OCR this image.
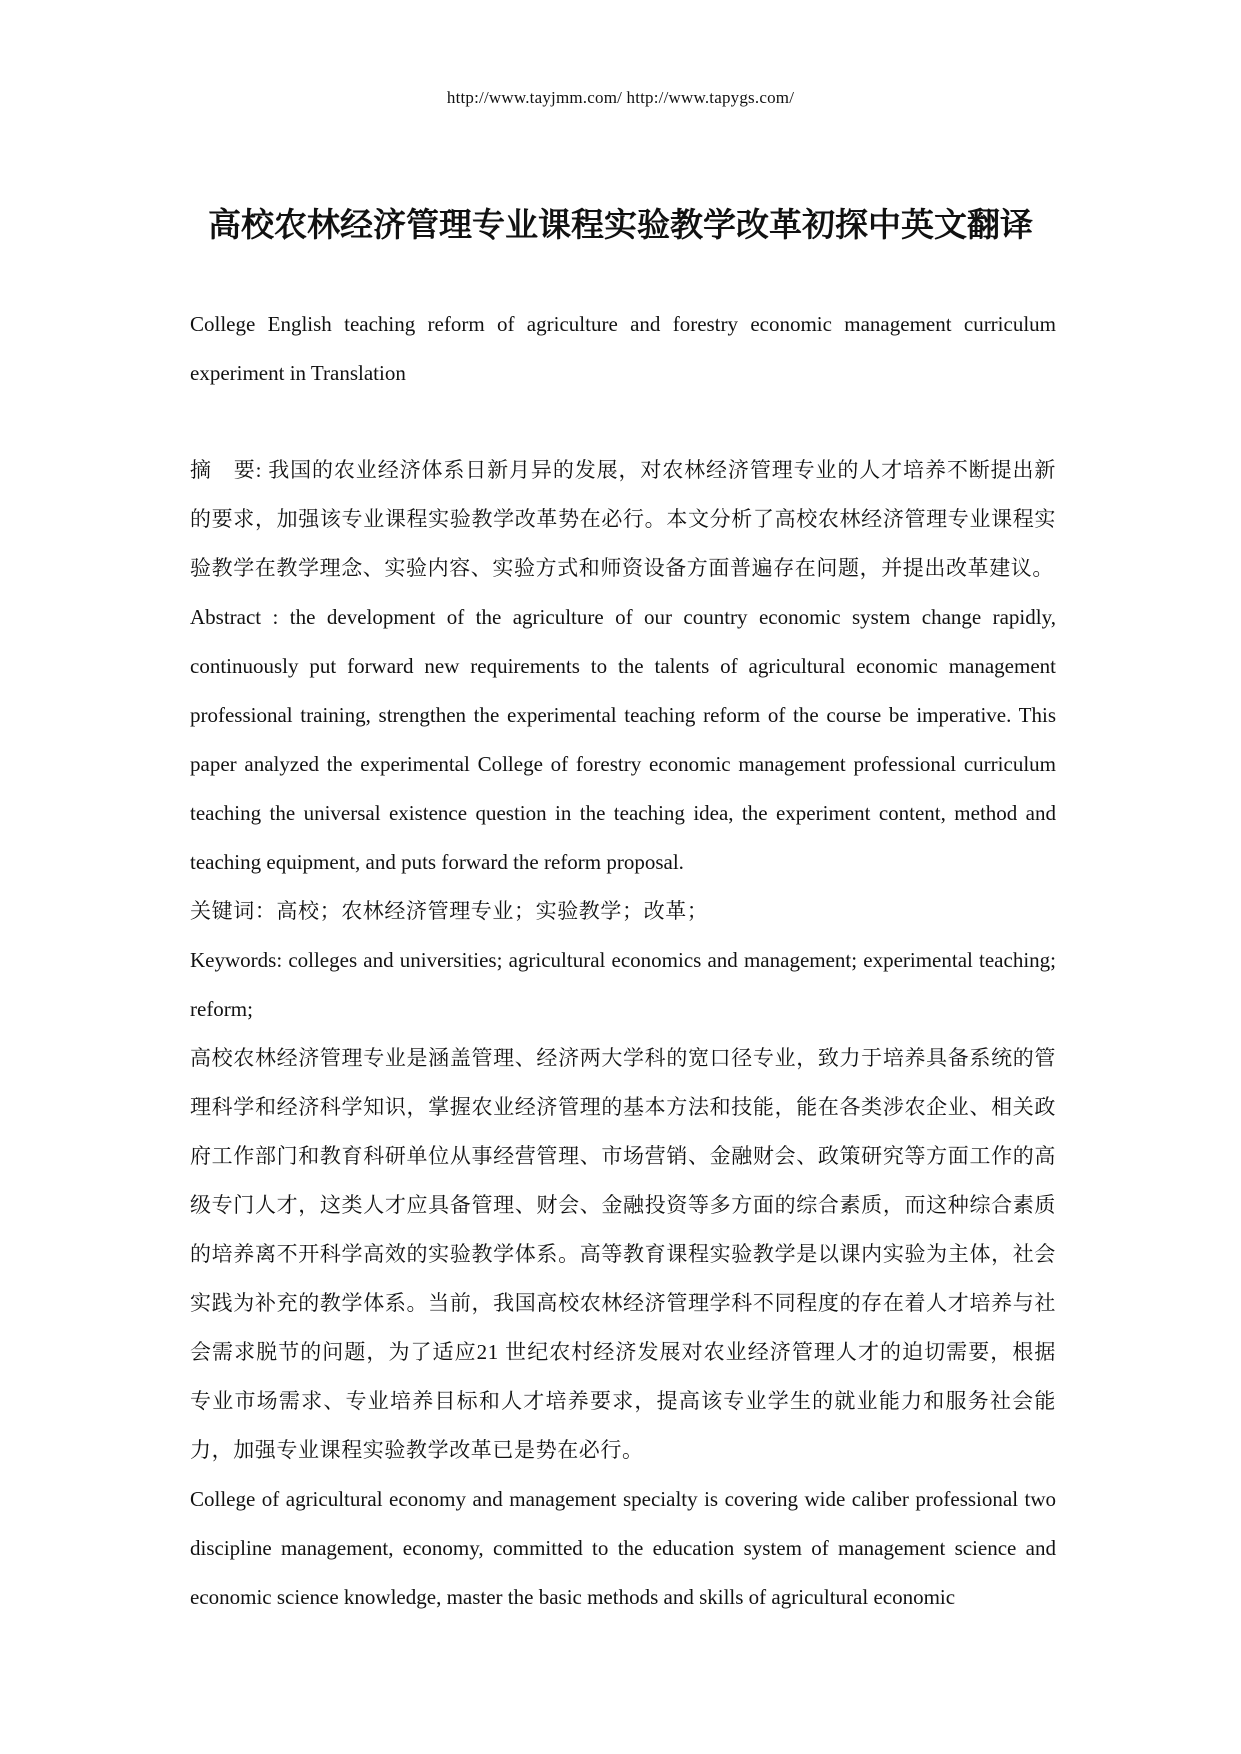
http://www.tayjmm.com/ http://www.tapygs.com/
高校农林经济管理专业课程实验教学改革初探中英文翻译

College English teaching reform of agriculture and forestry economic management curriculum experiment in Translation

摘　要: 我国的农业经济体系日新月异的发展，对农林经济管理专业的人才培养不断提出新的要求，加强该专业课程实验教学改革势在必行。本文分析了高校农林经济管理专业课程实验教学在教学理念、实验内容、实验方式和师资设备方面普遍存在问题，并提出改革建议。

Abstract : the development of the agriculture of our country economic system change rapidly, continuously put forward new requirements to the talents of agricultural economic management professional training, strengthen the experimental teaching reform of the course be imperative. This paper analyzed the experimental College of forestry economic management professional curriculum teaching the universal existence question in the teaching idea, the experiment content, method and teaching equipment, and puts forward the reform proposal.

关键词：高校；农林经济管理专业；实验教学；改革；

Keywords: colleges and universities; agricultural economics and management; experimental teaching; reform;

高校农林经济管理专业是涵盖管理、经济两大学科的宽口径专业，致力于培养具备系统的管理科学和经济科学知识，掌握农业经济管理的基本方法和技能，能在各类涉农企业、相关政府工作部门和教育科研单位从事经营管理、市场营销、金融财会、政策研究等方面工作的高级专门人才，这类人才应具备管理、财会、金融投资等多方面的综合素质，而这种综合素质的培养离不开科学高效的实验教学体系。高等教育课程实验教学是以课内实验为主体，社会实践为补充的教学体系。当前，我国高校农林经济管理学科不同程度的存在着人才培养与社会需求脱节的问题，为了适应21 世纪农村经济发展对农业经济管理人才的迫切需要，根据专业市场需求、专业培养目标和人才培养要求，提高该专业学生的就业能力和服务社会能力，加强专业课程实验教学改革已是势在必行。

College of agricultural economy and management specialty is covering wide caliber professional two discipline management, economy, committed to the education system of management science and economic science knowledge, master the basic methods and skills of agricultural economic
